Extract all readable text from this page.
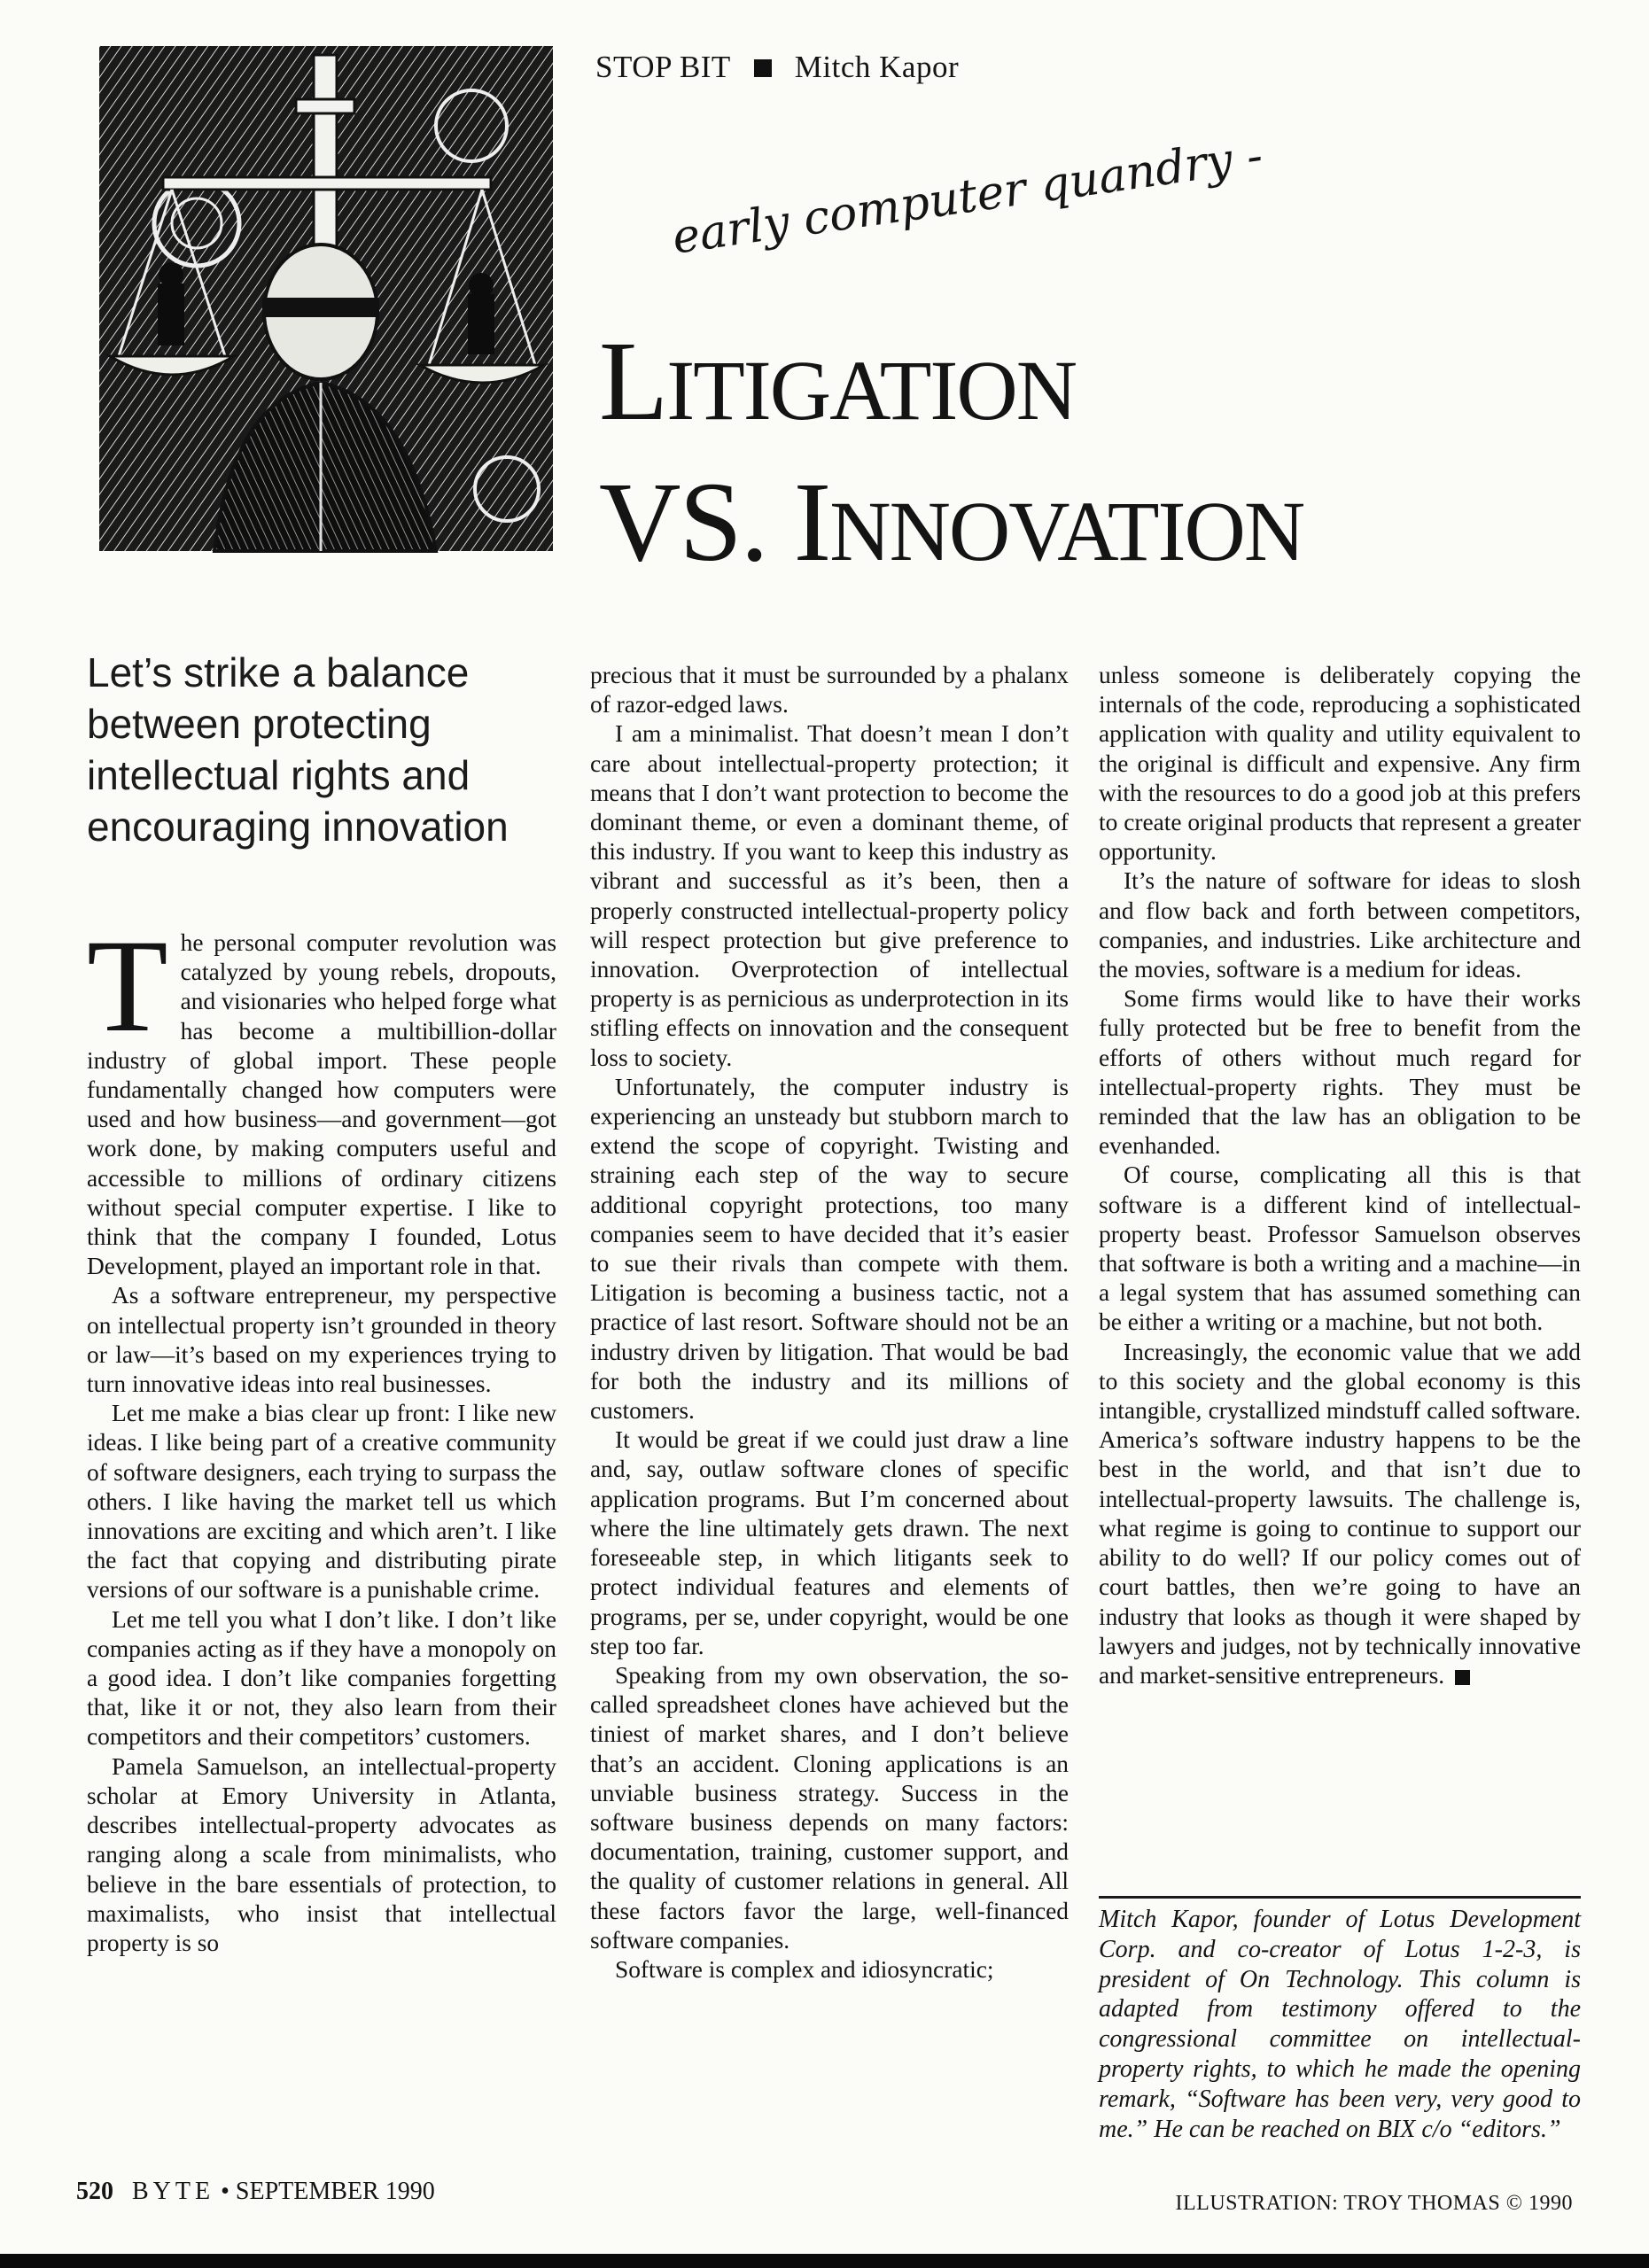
STOP BIT Mitch Kapor
early computer quandry -
LITIGATION
VS. INNOVATION

Let’s strike a balance between protecting intellectual rights and encouraging innovation

The personal computer revolution was catalyzed by young rebels, dropouts, and visionaries who helped forge what has become a multibillion-dollar industry of global import. These people fundamentally changed how computers were used and how business—and government—got work done, by making computers useful and accessible to millions of ordinary citizens without special computer expertise. I like to think that the company I founded, Lotus Development, played an important role in that.

As a software entrepreneur, my perspective on intellectual property isn’t grounded in theory or law—it’s based on my experiences trying to turn innovative ideas into real businesses.

Let me make a bias clear up front: I like new ideas. I like being part of a creative community of software designers, each trying to surpass the others. I like having the market tell us which innovations are exciting and which aren’t. I like the fact that copying and distributing pirate versions of our software is a punishable crime.

Let me tell you what I don’t like. I don’t like companies acting as if they have a monopoly on a good idea. I don’t like companies forgetting that, like it or not, they also learn from their competitors and their competitors’ customers.

Pamela Samuelson, an intellectual-property scholar at Emory University in Atlanta, describes intellectual-property advocates as ranging along a scale from minimalists, who believe in the bare essentials of protection, to maximalists, who insist that intellectual property is so

precious that it must be surrounded by a phalanx of razor-edged laws.

I am a minimalist. That doesn’t mean I don’t care about intellectual-property protection; it means that I don’t want protection to become the dominant theme, or even a dominant theme, of this industry. If you want to keep this industry as vibrant and successful as it’s been, then a properly constructed intellectual-property policy will respect protection but give preference to innovation. Overprotection of intellectual property is as pernicious as underprotection in its stifling effects on innovation and the consequent loss to society.

Unfortunately, the computer industry is experiencing an unsteady but stubborn march to extend the scope of copyright. Twisting and straining each step of the way to secure additional copyright protections, too many companies seem to have decided that it’s easier to sue their rivals than compete with them. Litigation is becoming a business tactic, not a practice of last resort. Software should not be an industry driven by litigation. That would be bad for both the industry and its millions of customers.

It would be great if we could just draw a line and, say, outlaw software clones of specific application programs. But I’m concerned about where the line ultimately gets drawn. The next foreseeable step, in which litigants seek to protect individual features and elements of programs, per se, under copyright, would be one step too far.

Speaking from my own observation, the so-called spreadsheet clones have achieved but the tiniest of market shares, and I don’t believe that’s an accident. Cloning applications is an unviable business strategy. Success in the software business depends on many factors: documentation, training, customer support, and the quality of customer relations in general. All these factors favor the large, well-financed software companies.

Software is complex and idiosyncratic;

unless someone is deliberately copying the internals of the code, reproducing a sophisticated application with quality and utility equivalent to the original is difficult and expensive. Any firm with the resources to do a good job at this prefers to create original products that represent a greater opportunity.

It’s the nature of software for ideas to slosh and flow back and forth between competitors, companies, and industries. Like architecture and the movies, software is a medium for ideas.

Some firms would like to have their works fully protected but be free to benefit from the efforts of others without much regard for intellectual-property rights. They must be reminded that the law has an obligation to be evenhanded.

Of course, complicating all this is that software is a different kind of intellectual-property beast. Professor Samuelson observes that software is both a writing and a machine—in a legal system that has assumed something can be either a writing or a machine, but not both.

Increasingly, the economic value that we add to this society and the global economy is this intangible, crystallized mindstuff called software. America’s software industry happens to be the best in the world, and that isn’t due to intellectual-property lawsuits. The challenge is, what regime is going to continue to support our ability to do well? If our policy comes out of court battles, then we’re going to have an industry that looks as though it were shaped by lawyers and judges, not by technically innovative and market-sensitive entrepreneurs.

Mitch Kapor, founder of Lotus Development Corp. and co-creator of Lotus 1-2-3, is president of On Technology. This column is adapted from testimony offered to the congressional committee on intellectual-property rights, to which he made the opening remark, “Software has been very, very good to me.” He can be reached on BIX c/o “editors.”

520 BYTE • SEPTEMBER 1990	ILLUSTRATION: TROY THOMAS © 1990
